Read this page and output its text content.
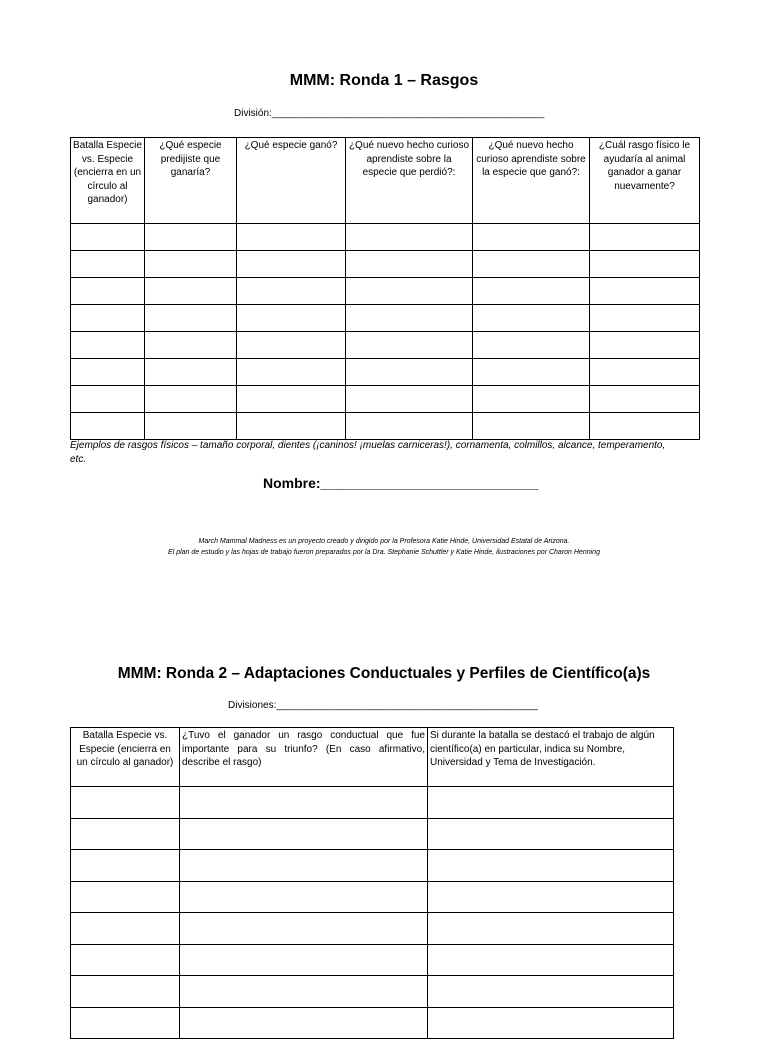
MMM: Ronda 1 – Rasgos
División:_________________________________________________
Batalla Especie vs. Especie (encierra en un círculo al ganador)	¿Qué especie predijiste que ganaría?	¿Qué especie ganó?	¿Qué nuevo hecho curioso aprendiste sobre la especie que perdió?:	¿Qué nuevo hecho curioso aprendiste sobre la especie que ganó?:	¿Cuál rasgo físico le ayudaría al animal ganador a ganar nuevamente?

Ejemplos de rasgos físicos – tamaño corporal, dientes (¡caninos! ¡muelas carniceras!), cornamenta, colmillos, alcance, temperamento, etc.
Nombre:____________________________
March Mammal Madness es un proyecto creado y dirigido por la Profesora Katie Hinde, Universidad Estatal de Arizona.
El plan de estudio y las hojas de trabajo fueron preparados por la Dra. Stephanie Schuttler y Katie Hinde, ilustraciones por Charon Henning
MMM: Ronda 2 – Adaptaciones Conductuales y Perfiles de Científico(a)s
Divisiones:_______________________________________________
Batalla Especie vs. Especie (encierra en un círculo al ganador)	¿Tuvo el ganador un rasgo conductual que fue importante para su triunfo? (En caso afirmativo, describe el rasgo)	Si durante la batalla se destacó el trabajo de algún científico(a) en particular, indica su Nombre, Universidad y Tema de Investigación.
